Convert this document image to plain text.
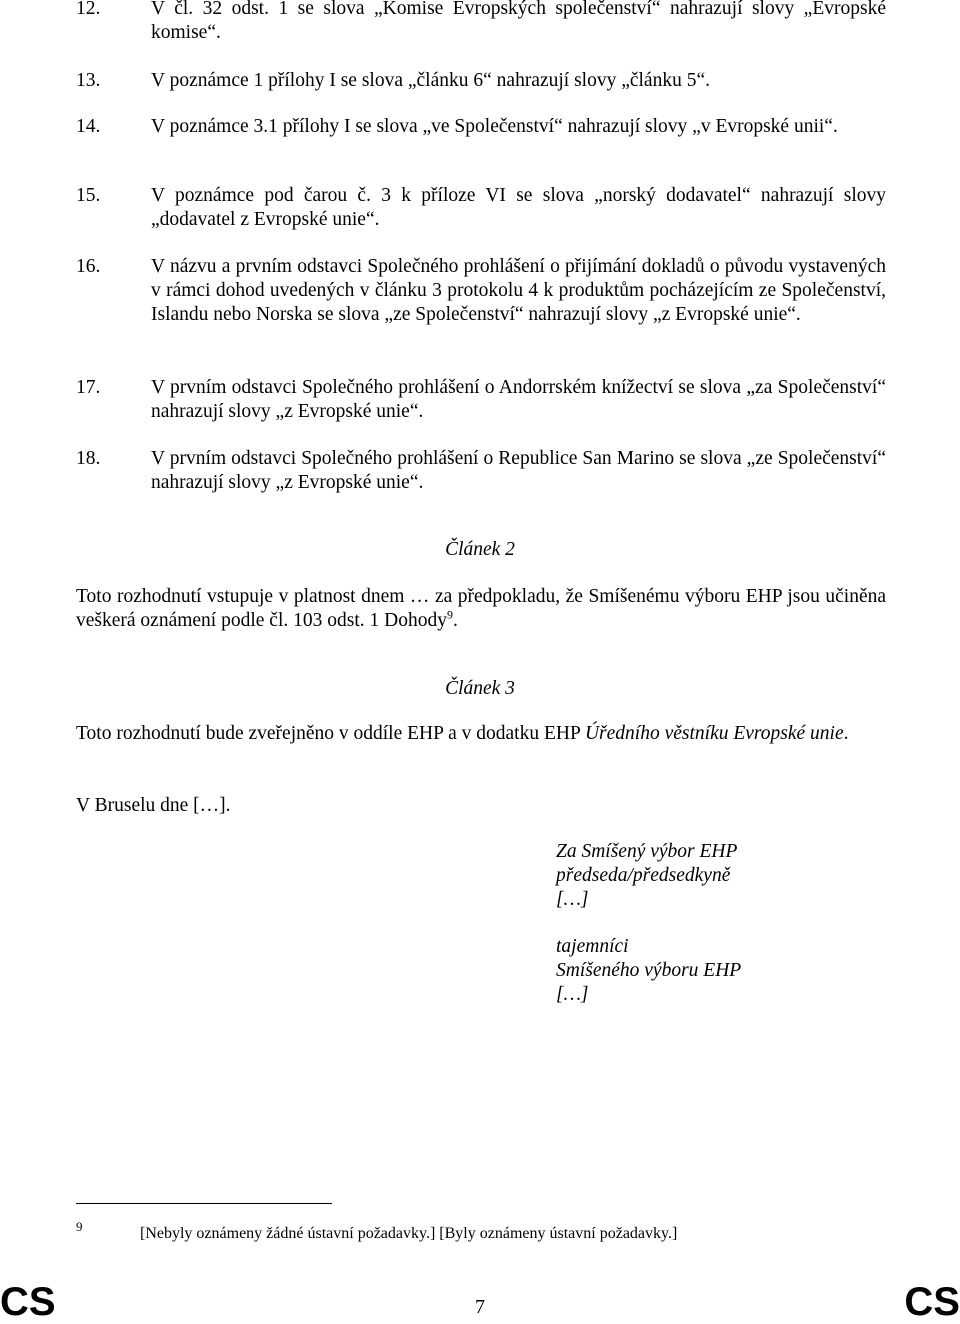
12.	V čl. 32 odst. 1 se slova „Komise Evropských společenství“ nahrazují slovy „Evropské komise“.
13.	V poznámce 1 přílohy I se slova „článku 6“ nahrazují slovy „článku 5“.
14.	V poznámce 3.1 přílohy I se slova „ve Společenství“ nahrazují slovy „v Evropské unii“.
15.	V poznámce pod čarou č. 3 k příloze VI se slova „norský dodavatel“ nahrazují slovy „dodavatel z Evropské unie“.
16.	V názvu a prvním odstavci Společného prohlášení o přijímání dokladů o původu vystavených v rámci dohod uvedených v článku 3 protokolu 4 k produktům pocházejícím ze Společenství, Islandu nebo Norska se slova „ze Společenství“ nahrazují slovy „z Evropské unie“.
17.	V prvním odstavci Společného prohlášení o Andorrském knížectví se slova „za Společenství“ nahrazují slovy „z Evropské unie“.
18.	V prvním odstavci Společného prohlášení o Republice San Marino se slova „ze Společenství“ nahrazují slovy „z Evropské unie“.
Článek 2
Toto rozhodnutí vstupuje v platnost dnem … za předpokladu, že Smíšenému výboru EHP jsou učiněna veškerá oznámení podle čl. 103 odst. 1 Dohody$^9$.
Článek 3
Toto rozhodnutí bude zveřejněno v oddíle EHP a v dodatku EHP Úředního věstníku Evropské unie.
V Bruselu dne […].
Za Smíšený výbor EHP
předseda/předsedkyně
[…]
tajemníci
Smíšeného výboru EHP
[…]
9	[Nebyly oznámeny žádné ústavní požadavky.] [Byly oznámeny ústavní požadavky.]
CS	7	CS
